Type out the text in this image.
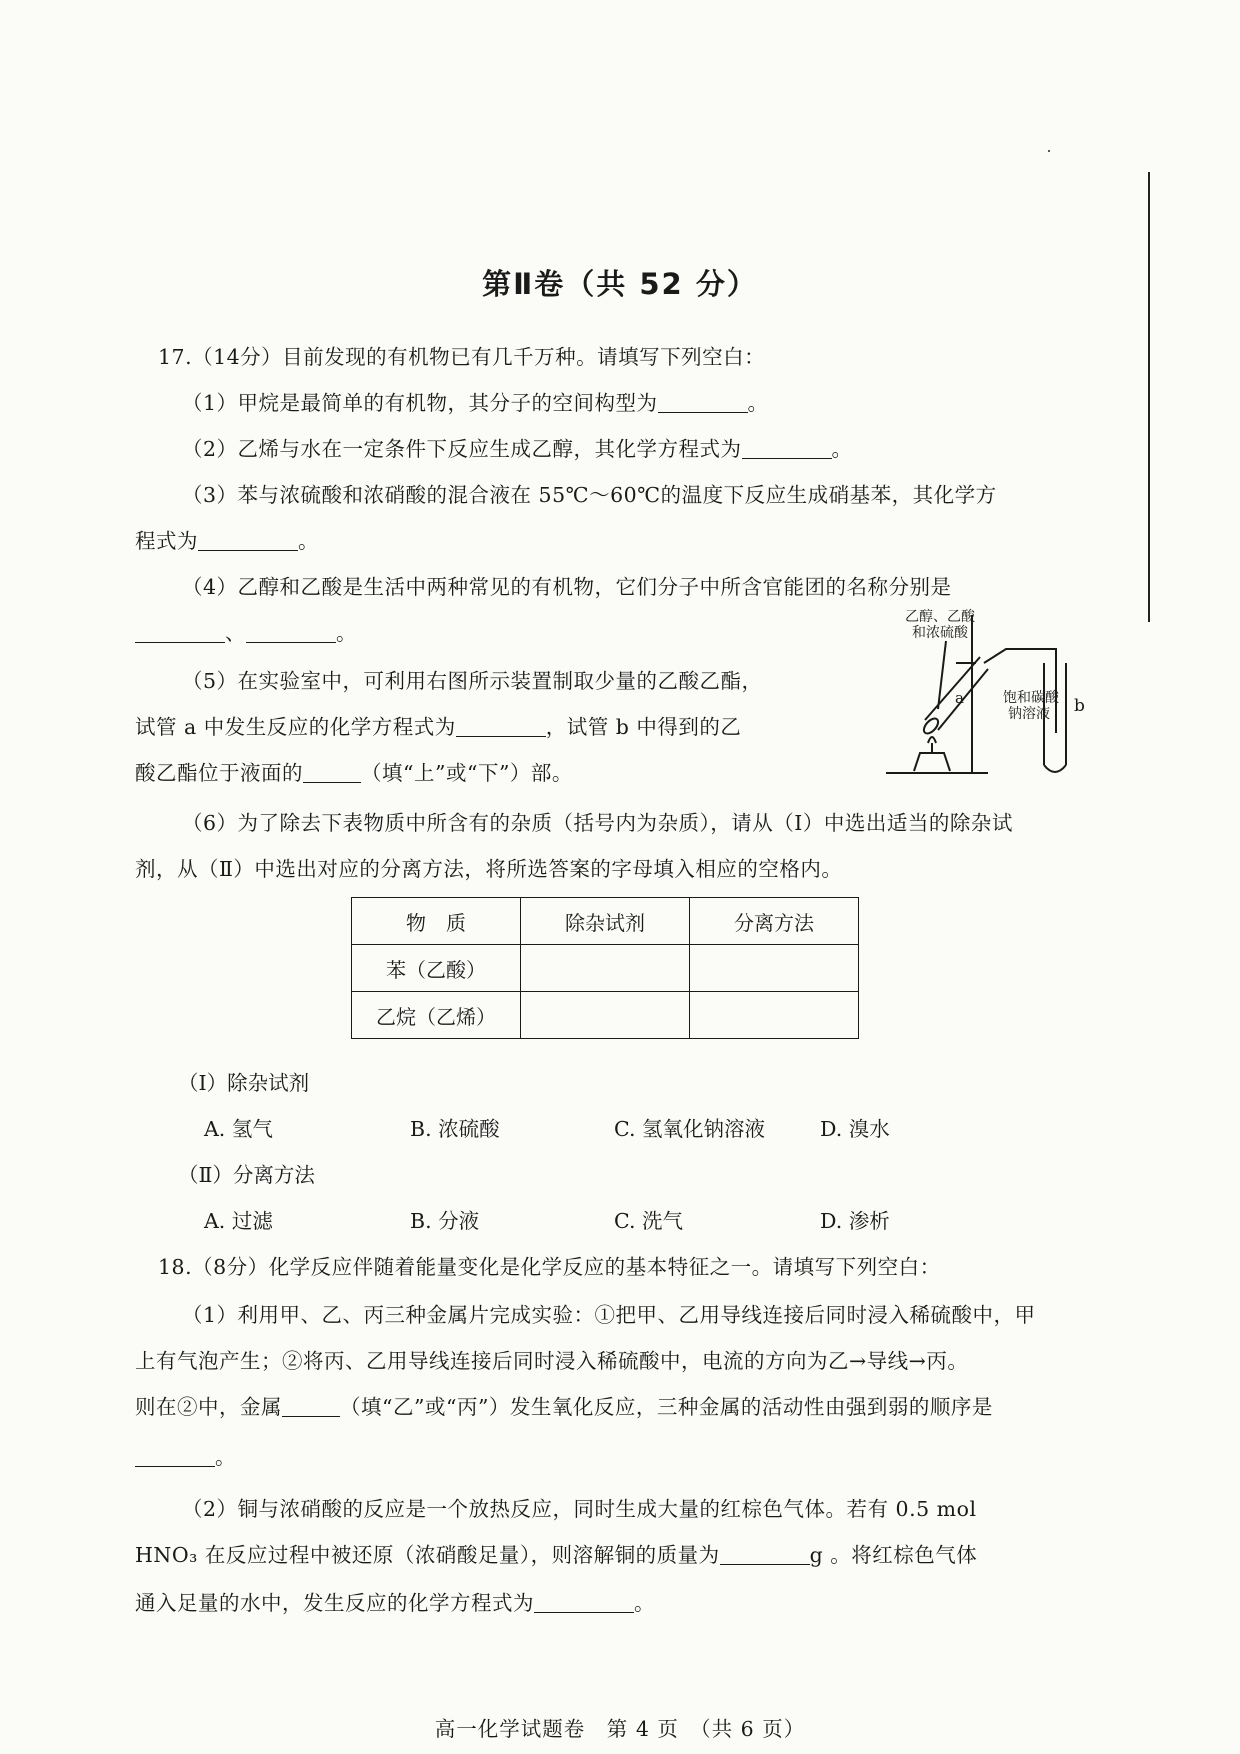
第Ⅱ卷（共 52 分）
17.（14分）目前发现的有机物已有几千万种。请填写下列空白：
（1）甲烷是最简单的有机物，其分子的空间构型为	。
（2）乙烯与水在一定条件下反应生成乙醇，其化学方程式为	。
（3）苯与浓硫酸和浓硝酸的混合液在 55℃～60℃的温度下反应生成硝基苯，其化学方
程式为	。
（4）乙醇和乙酸是生活中两种常见的有机物，它们分子中所含官能团的名称分别是
、	。
（5）在实验室中，可利用右图所示装置制取少量的乙酸乙酯，
试管 a 中发生反应的化学方程式为	，试管 b 中得到的乙
酸乙酯位于液面的	（填“上”或“下”）部。
乙醇、乙酸
和浓硫酸
a	饱和碳酸
钠溶液 b
（6）为了除去下表物质中所含有的杂质（括号内为杂质），请从（Ⅰ）中选出适当的除杂试
剂，从（Ⅱ）中选出对应的分离方法，将所选答案的字母填入相应的空格内。
物　质	除杂试剂	分离方法
苯（乙酸）		
乙烷（乙烯）		
（Ⅰ）除杂试剂
A. 氢气	B. 浓硫酸	C. 氢氧化钠溶液	D. 溴水
（Ⅱ）分离方法
A. 过滤	B. 分液	C. 洗气	D. 渗析
18.（8分）化学反应伴随着能量变化是化学反应的基本特征之一。请填写下列空白：
（1）利用甲、乙、丙三种金属片完成实验：①把甲、乙用导线连接后同时浸入稀硫酸中，甲
上有气泡产生；②将丙、乙用导线连接后同时浸入稀硫酸中，电流的方向为乙→导线→丙。
则在②中，金属	（填“乙”或“丙”）发生氧化反应，三种金属的活动性由强到弱的顺序是
。
（2）铜与浓硝酸的反应是一个放热反应，同时生成大量的红棕色气体。若有 0.5 mol
HNO₃ 在反应过程中被还原（浓硝酸足量），则溶解铜的质量为	g 。将红棕色气体
通入足量的水中，发生反应的化学方程式为	。
高一化学试题卷　第 4 页　（共 6 页）
